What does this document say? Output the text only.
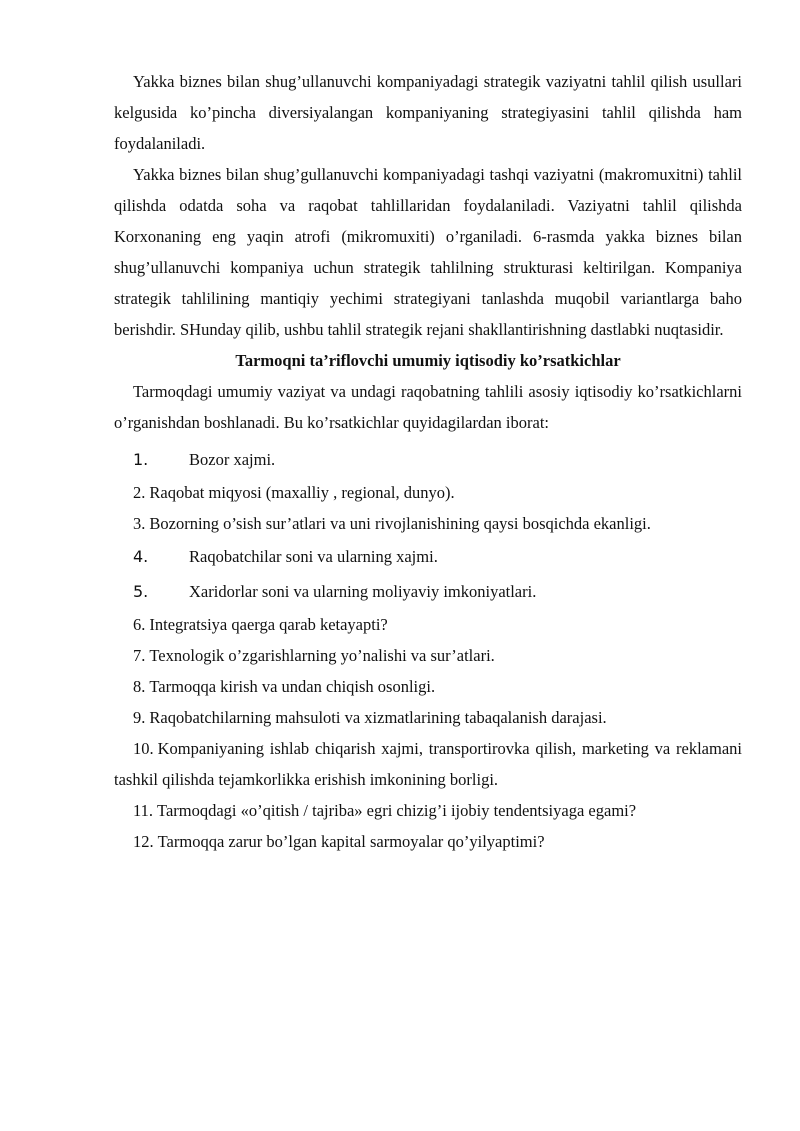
Yakka biznes bilan shug’ullanuvchi kompaniyadagi strategik vaziyatni tahlil qilish usullari kelgusida ko’pincha diversiyalangan kompaniyaning strategiyasini tahlil qilishda ham foydalaniladi.

Yakka biznes bilan shug’gullanuvchi kompaniyadagi tashqi vaziyatni (makromuxitni) tahlil qilishda odatda soha va raqobat tahlillaridan foydalaniladi. Vaziyatni tahlil qilishda Korxonaning eng yaqin atrofi (mikromuxiti) o’rganiladi. 6-rasmda yakka biznes bilan shug’ullanuvchi kompaniya uchun strategik tahlilning strukturasi keltirilgan. Kompaniya strategik tahlilining mantiqiy yechimi strategiyani tanlashda muqobil variantlarga baho berishdir. SHunday qilib, ushbu tahlil strategik rejani shakllantirishning dastlabki nuqtasidir.

Tarmoqni ta’riflovchi umumiy iqtisodiy ko’rsatkichlar

Tarmoqdagi umumiy vaziyat va undagi raqobatning tahlili asosiy iqtisodiy ko’rsatkichlarni o’rganishdan boshlanadi. Bu ko’rsatkichlar quyidagilardan iborat:

1. Bozor xajmi.

2. Raqobat miqyosi (maxalliy , regional, dunyo).

3. Bozorning o’sish sur’atlari va uni rivojlanishining qaysi bosqichda ekanligi.

4. Raqobatchilar soni va ularning xajmi.
5. Xaridorlar soni va ularning moliyaviy imkoniyatlari.

6. Integratsiya qaerga qarab ketayapti?

7. Texnologik o’zgarishlarning yo’nalishi va sur’atlari.

8. Tarmoqqa kirish va undan chiqish osonligi.

9. Raqobatchilarning mahsuloti va xizmatlarining tabaqalanish darajasi.

10. Kompaniyaning ishlab chiqarish xajmi, transportirovka qilish, marketing va reklamani tashkil qilishda tejamkorlikka erishish imkonining borligi.

11. Tarmoqdagi «o’qitish / tajriba» egri chizig’i ijobiy tendentsiyaga egami?

12. Tarmoqqa zarur bo’lgan kapital sarmoyalar qo’yilyaptimi?
